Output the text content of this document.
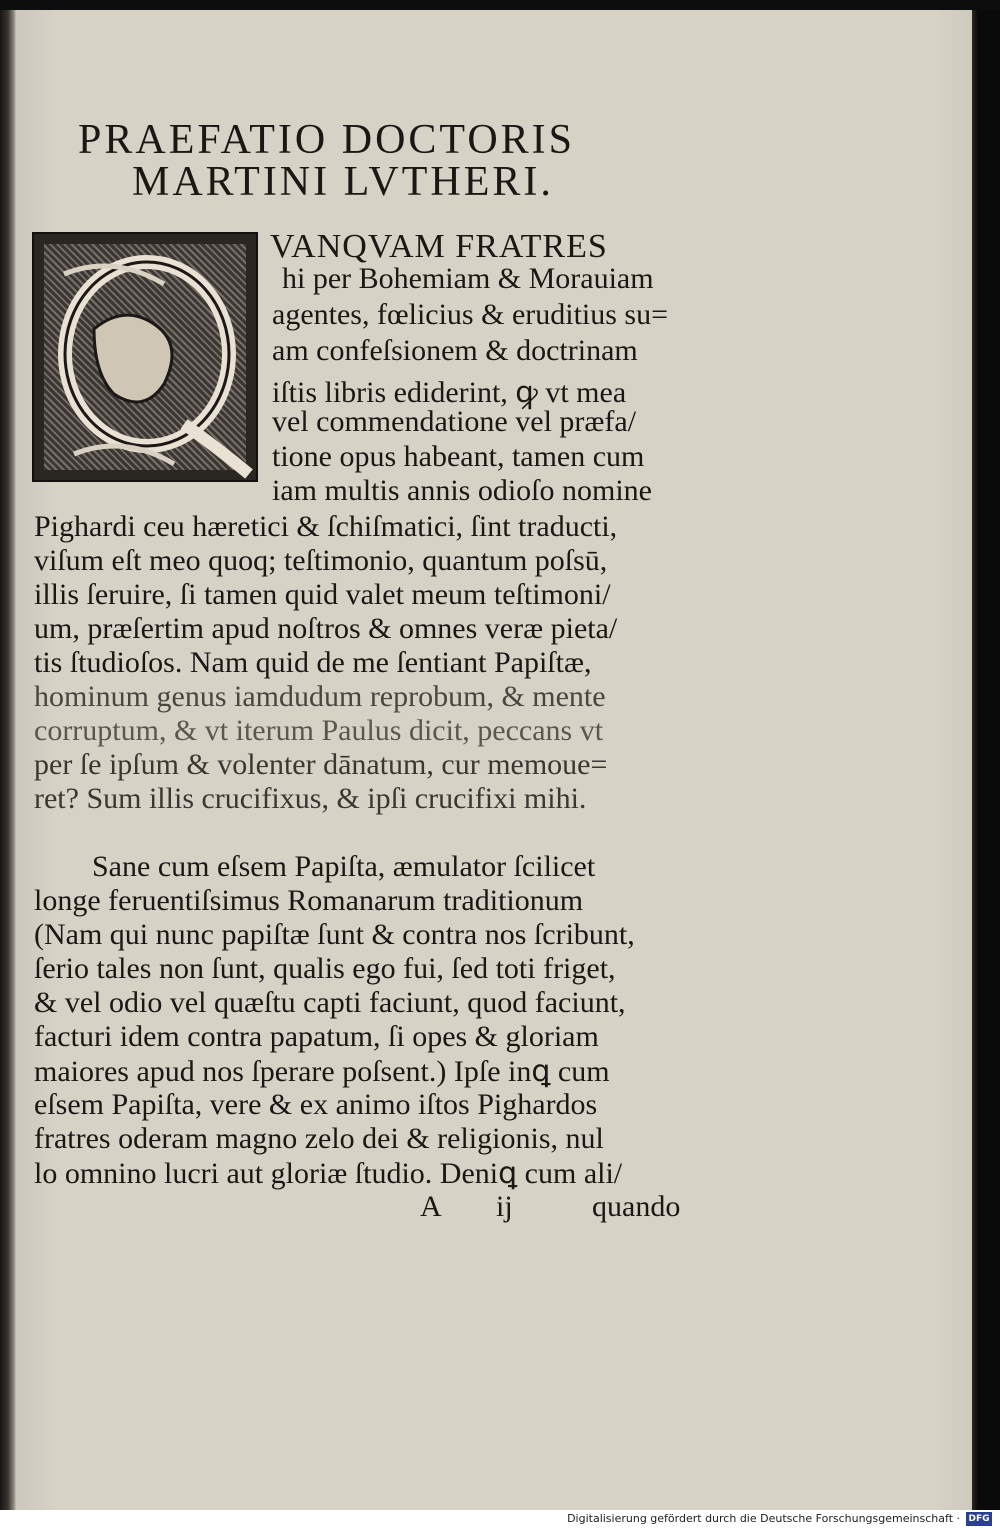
PRAEFATIO DOCTORIS
MARTINI LVTHERI.
VANQVAM FRATRES
hi per Bohemiam & Morauiam
agentes, fœlicius & eruditius su=
am confeſsionem & doctrinam
iſtis libris ediderint, ꝙ vt mea
vel commendatione vel præfa/
tione opus habeant, tamen cum
iam multis annis odioſo nomine
Pighardi ceu hæretici & ſchiſmatici, ſint traducti,
viſum eſt meo quoq; teſtimonio, quantum poſsū,
illis ſeruire, ſi tamen quid valet meum teſtimoni/
um, præſertim apud noſtros & omnes veræ pieta/
tis ſtudioſos. Nam quid de me ſentiant Papiſtæ,
hominum genus iamdudum reprobum, & mente
corruptum, & vt iterum Paulus dicit, peccans vt
per ſe ipſum & volenter dānatum, cur memoue=
ret? Sum illis crucifixus, & ipſi crucifixi mihi.
Sane cum eſsem Papiſta, æmulator ſcilicet
longe feruentiſsimus Romanarum traditionum
(Nam qui nunc papiſtæ ſunt & contra nos ſcribunt,
ſerio tales non ſunt, qualis ego fui, ſed toti friget,
& vel odio vel quæſtu capti faciunt, quod faciunt,
facturi idem contra papatum, ſi opes & gloriam
maiores apud nos ſperare poſsent.) Ipſe inꝗ cum
eſsem Papiſta, vere & ex animo iſtos Pighardos
fratres oderam magno zelo dei & religionis, nul
lo omnino lucri aut gloriæ ſtudio. Deniꝗ cum ali/
A ij	quando
Digitalisierung gefördert durch die Deutsche Forschungsgemeinschaft · DFG
